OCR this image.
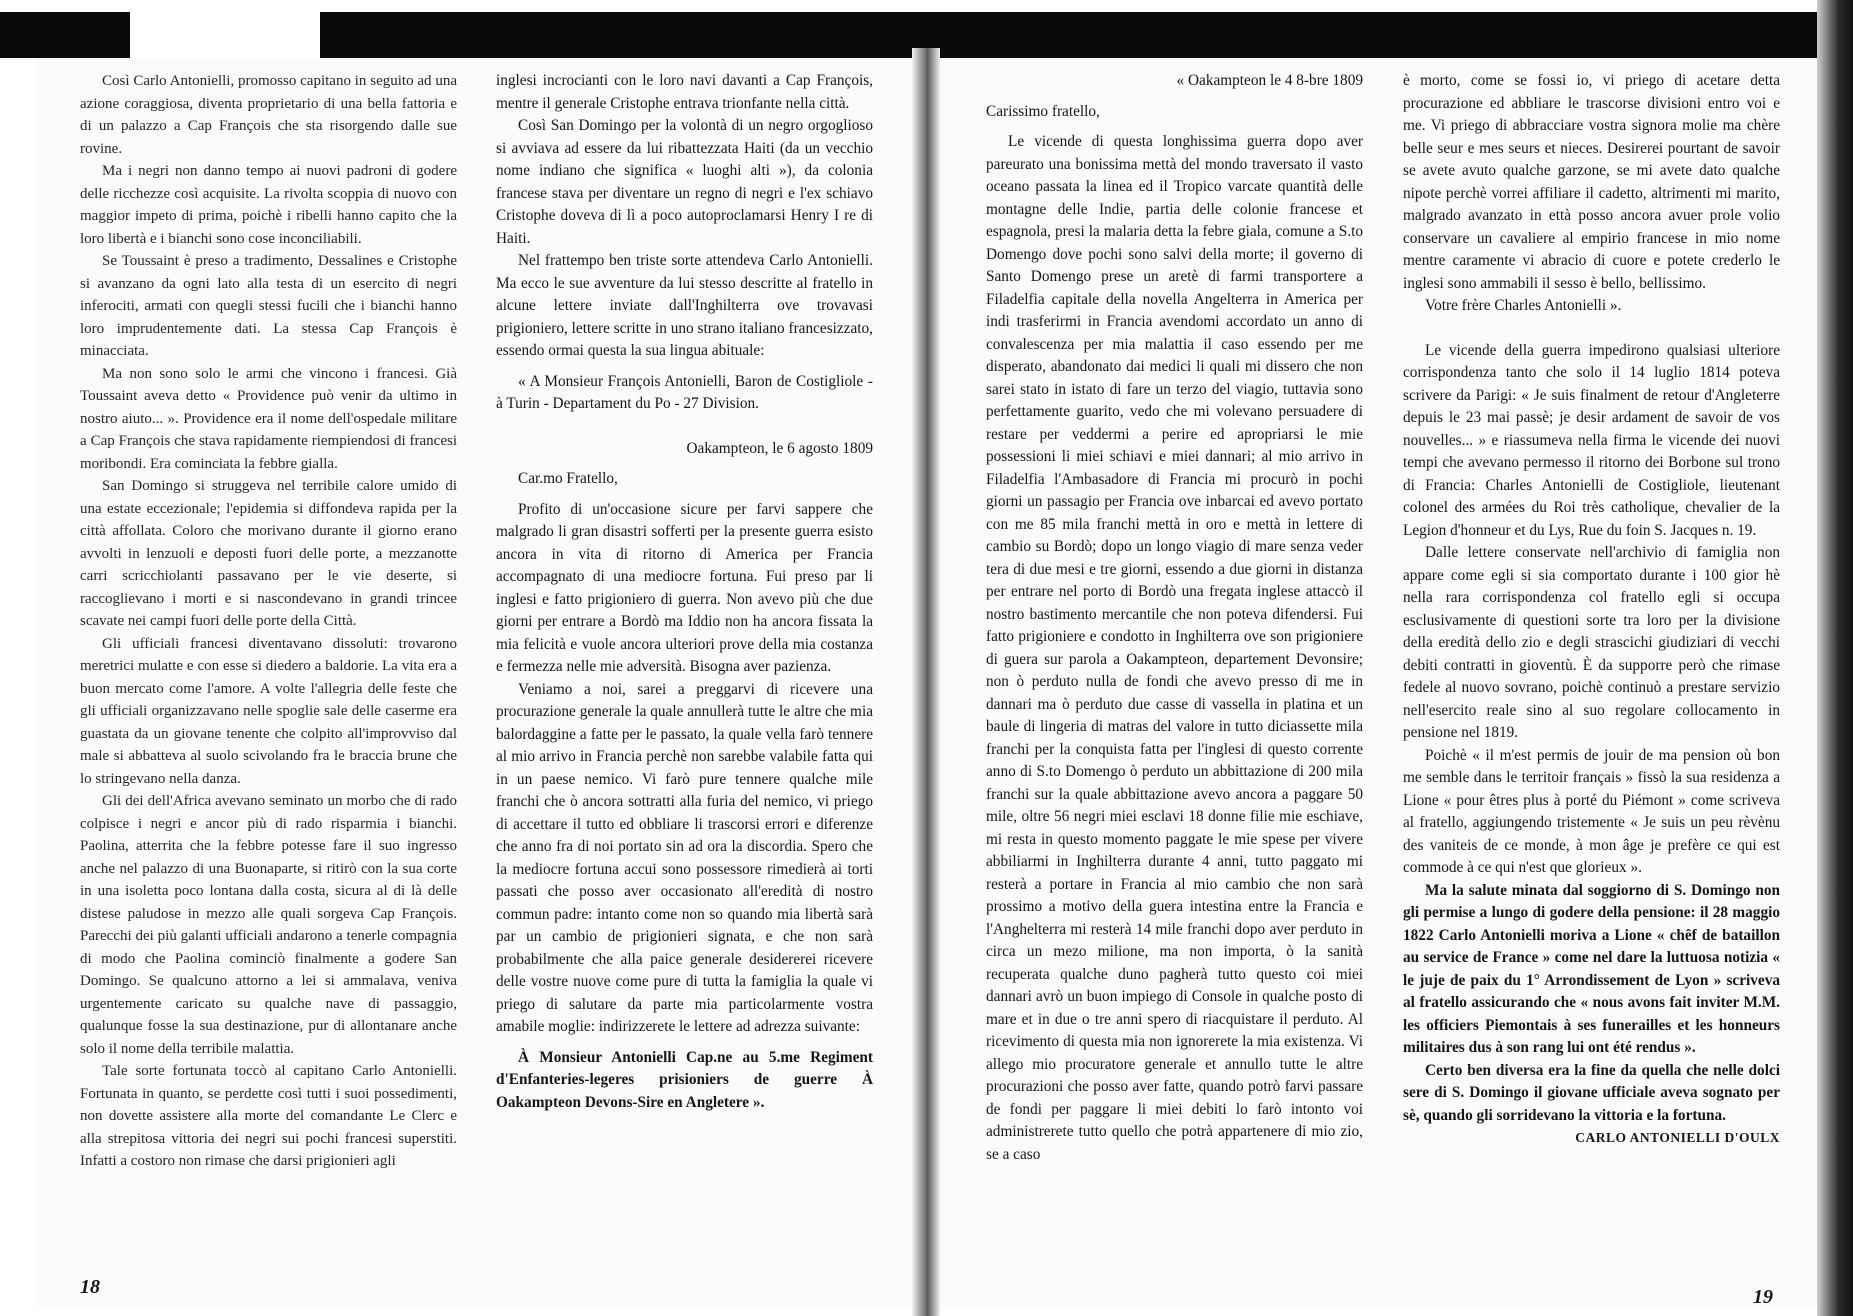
Così Carlo Antonielli, promosso capitano in seguito ad una azione coraggiosa, diventa proprietario di una bella fattoria e di un palazzo a Cap François che sta risorgendo dalle sue rovine.

Ma i negri non danno tempo ai nuovi padroni di godere delle ricchezze così acquisite. La rivolta scoppia di nuovo con maggior impeto di prima, poichè i ribelli hanno capito che la loro libertà e i bianchi sono cose inconciliabili.

Se Toussaint è preso a tradimento, Dessalines e Cristophe si avanzano da ogni lato alla testa di un esercito di negri inferociti, armati con quegli stessi fucili che i bianchi hanno loro imprudentemente dati. La stessa Cap François è minacciata.

Ma non sono solo le armi che vincono i francesi. Già Toussaint aveva detto « Providence può venir da ultimo in nostro aiuto... ». Providence era il nome dell'ospedale militare a Cap François che stava rapidamente riempiendosi di francesi moribondi. Era cominciata la febbre gialla.

San Domingo si struggeva nel terribile calore umido di una estate eccezionale; l'epidemia si diffondeva rapida per la città affollata. Coloro che morivano durante il giorno erano avvolti in lenzuoli e deposti fuori delle porte, a mezzanotte carri scricchiolanti passavano per le vie deserte, si raccoglievano i morti e si nascondevano in grandi trincee scavate nei campi fuori delle porte della Città.

Gli ufficiali francesi diventavano dissoluti: trovarono meretrici mulatte e con esse si diedero a baldorie. La vita era a buon mercato come l'amore. A volte l'allegria delle feste che gli ufficiali organizzavano nelle spoglie sale delle caserme era guastata da un giovane tenente che colpito all'improvviso dal male si abbatteva al suolo scivolando fra le braccia brune che lo stringevano nella danza.

Gli dei dell'Africa avevano seminato un morbo che di rado colpisce i negri e ancor più di rado risparmia i bianchi. Paolina, atterrita che la febbre potesse fare il suo ingresso anche nel palazzo di una Buonaparte, si ritirò con la sua corte in una isoletta poco lontana dalla costa, sicura al di là delle distese paludose in mezzo alle quali sorgeva Cap François. Parecchi dei più galanti ufficiali andarono a tenerle compagnia di modo che Paolina cominciò finalmente a godere San Domingo. Se qualcuno attorno a lei si ammalava, veniva urgentemente caricato su qualche nave di passaggio, qualunque fosse la sua destinazione, pur di allontanare anche solo il nome della terribile malattia.

Tale sorte fortunata toccò al capitano Carlo Antonielli. Fortunata in quanto, se perdette così tutti i suoi possedimenti, non dovette assistere alla morte del comandante Le Clerc e alla strepitosa vittoria dei negri sui pochi francesi superstiti. Infatti a costoro non rimase che darsi prigionieri agli

inglesi incrocianti con le loro navi davanti a Cap François, mentre il generale Cristophe entrava trionfante nella città.

Così San Domingo per la volontà di un negro orgoglioso si avviava ad essere da lui ribattezzata Haiti (da un vecchio nome indiano che significa « luoghi alti »), da colonia francese stava per diventare un regno di negri e l'ex schiavo Cristophe doveva di lì a poco autoproclamarsi Henry I re di Haiti.

Nel frattempo ben triste sorte attendeva Carlo Antonielli. Ma ecco le sue avventure da lui stesso descritte al fratello in alcune lettere inviate dall'Inghilterra ove trovavasi prigioniero, lettere scritte in uno strano italiano francesizzato, essendo ormai questa la sua lingua abituale:

« A Monsieur François Antonielli, Baron de Costigliole - à Turin - Departament du Po - 27 Division.

Oakampteon, le 6 agosto 1809

Car.mo Fratello,

Profito di un'occasione sicure per farvi sappere che malgrado li gran disastri sofferti per la presente guerra esisto ancora in vita di ritorno di America per Francia accompagnato di una mediocre fortuna. Fui preso par li inglesi e fatto prigioniero di guerra. Non avevo più che due giorni per entrare a Bordò ma Iddio non ha ancora fissata la mia felicità e vuole ancora ulteriori prove della mia costanza e fermezza nelle mie adversità. Bisogna aver pazienza.

Veniamo a noi, sarei a preggarvi di ricevere una procurazione generale la quale annullerà tutte le altre che mia balordaggine a fatte per le passato, la quale vella farò tennere al mio arrivo in Francia perchè non sarebbe valabile fatta qui in un paese nemico. Vi farò pure tennere qualche mile franchi che ò ancora sottratti alla furia del nemico, vi priego di accettare il tutto ed obbliare li trascorsi errori e diferenze che anno fra di noi portato sin ad ora la discordia. Spero che la mediocre fortuna accui sono possessore rimedierà ai torti passati che posso aver occasionato all'eredità di nostro commun padre: intanto come non so quando mia libertà sarà par un cambio de prigionieri signata, e che non sarà probabilmente che alla paice generale desidererei ricevere delle vostre nuove come pure di tutta la famiglia la quale vi priego di salutare da parte mia particolarmente vostra amabile moglie: indirizzerete le lettere ad adrezza suivante:

À Monsieur Antonielli Cap.ne au 5.me Regiment d'Enfanteries-legeres prisioniers de guerre À Oakampteon Devons-Sire en Angletere ».

18

« Oakampteon le 4 8-bre 1809

Carissimo fratello,

Le vicende di questa longhissima guerra dopo aver pareurato una bonissima mettà del mondo traversato il vasto oceano passata la linea ed il Tropico varcate quantità delle montagne delle Indie, partia delle colonie francese et espagnola, presi la malaria detta la febre giala, comune a S.to Domengo dove pochi sono salvi della morte; il governo di Santo Domengo prese un aretè di farmi transportere a Filadelfia capitale della novella Angelterra in America per indi trasferirmi in Francia avendomi accordato un anno di convalescenza per mia malattia il caso essendo per me disperato, abandonato dai medici li quali mi dissero che non sarei stato in istato di fare un terzo del viagio, tuttavia sono perfettamente guarito, vedo che mi volevano persuadere di restare per veddermi a perire ed apropriarsi le mie possessioni li miei schiavi e miei dannari; al mio arrivo in Filadelfia l'Ambasadore di Francia mi procurò in pochi giorni un passagio per Francia ove inbarcai ed avevo portato con me 85 mila franchi mettà in oro e mettà in lettere di cambio su Bordò; dopo un longo viagio di mare senza veder tera di due mesi e tre giorni, essendo a due giorni in distanza per entrare nel porto di Bordò una fregata inglese attaccò il nostro bastimento mercantile che non poteva difendersi. Fui fatto prigioniere e condotto in Inghilterra ove son prigioniere di guera sur parola a Oakampteon, departement Devonsire; non ò perduto nulla de fondi che avevo presso di me in dannari ma ò perduto due casse di vassella in platina et un baule di lingeria di matras del valore in tutto diciassette mila franchi per la conquista fatta per l'inglesi di questo corrente anno di S.to Domengo ò perduto un abbittazione di 200 mila franchi sur la quale abbittazione avevo ancora a paggare 50 mile, oltre 56 negri miei esclavi 18 donne filie mie eschiave, mi resta in questo momento paggate le mie spese per vivere abbiliarmi in Inghilterra durante 4 anni, tutto paggato mi resterà a portare in Francia al mio cambio che non sarà prossimo a motivo della guera intestina entre la Francia e l'Anghelterra mi resterà 14 mile franchi dopo aver perduto in circa un mezo milione, ma non importa, ò la sanità recuperata qualche duno pagherà tutto questo coi miei dannari avrò un buon impiego di Console in qualche posto di mare et in due o tre anni spero di riacquistare il perduto. Al ricevimento di questa mia non ignorerete la mia existenza. Vi allego mio procuratore generale et annullo tutte le altre procurazioni che posso aver fatte, quando potrò farvi passare de fondi per paggare li miei debiti lo farò intonto voi administrerete tutto quello che potrà appartenere di mio zio, se a caso

è morto, come se fossi io, vi priego di acetare detta procurazione ed abbliare le trascorse divisioni entro voi e me. Vi priego di abbracciare vostra signora molie ma chère belle seur e mes seurs et nieces. Desirerei pourtant de savoir se avete avuto qualche garzone, se mi avete dato qualche nipote perchè vorrei affiliare il cadetto, altrimenti mi marito, malgrado avanzato in ettà posso ancora avuer prole volio conservare un cavaliere al empirio francese in mio nome mentre caramente vi abracio di cuore e potete crederlo le inglesi sono ammabili il sesso è bello, bellissimo.

Votre frère Charles Antonielli ».

Le vicende della guerra impedirono qualsiasi ulteriore corrispondenza tanto che solo il 14 luglio 1814 poteva scrivere da Parigi: « Je suis finalment de retour d'Angleterre depuis le 23 mai passè; je desir ardament de savoir de vos nouvelles... » e riassumeva nella firma le vicende dei nuovi tempi che avevano permesso il ritorno dei Borbone sul trono di Francia: Charles Antonielli de Costigliole, lieutenant colonel des armées du Roi très catholique, chevalier de la Legion d'honneur et du Lys, Rue du foin S. Jacques n. 19.

Dalle lettere conservate nell'archivio di famiglia non appare come egli si sia comportato durante i 100 gior hè nella rara corrispondenza col fratello egli si occupa esclusivamente di questioni sorte tra loro per la divisione della eredità dello zio e degli strascichi giudiziari di vecchi debiti contratti in gioventù. È da supporre però che rimase fedele al nuovo sovrano, poichè continuò a prestare servizio nell'esercito reale sino al suo regolare collocamento in pensione nel 1819.

Poichè « il m'est permis de jouir de ma pension où bon me semble dans le territoir français » fissò la sua residenza a Lione « pour êtres plus à porté du Piémont » come scriveva al fratello, aggiungendo tristemente « Je suis un peu rèvènu des vaniteis de ce monde, à mon âge je prefère ce qui est commode à ce qui n'est que glorieux ».

Ma la salute minata dal soggiorno di S. Domingo non gli permise a lungo di godere della pensione: il 28 maggio 1822 Carlo Antonielli moriva a Lione « chêf de bataillon au service de France » come nel dare la luttuosa notizia « le juje de paix du 1° Arrondissement de Lyon » scriveva al fratello assicurando che « nous avons fait inviter M.M. les officiers Piemontais à ses funerailles et les honneurs militaires dus à son rang lui ont été rendus ».

Certo ben diversa era la fine da quella che nelle dolci sere di S. Domingo il giovane ufficiale aveva sognato per sè, quando gli sorridevano la vittoria e la fortuna.

CARLO ANTONIELLI D'OULX

19
